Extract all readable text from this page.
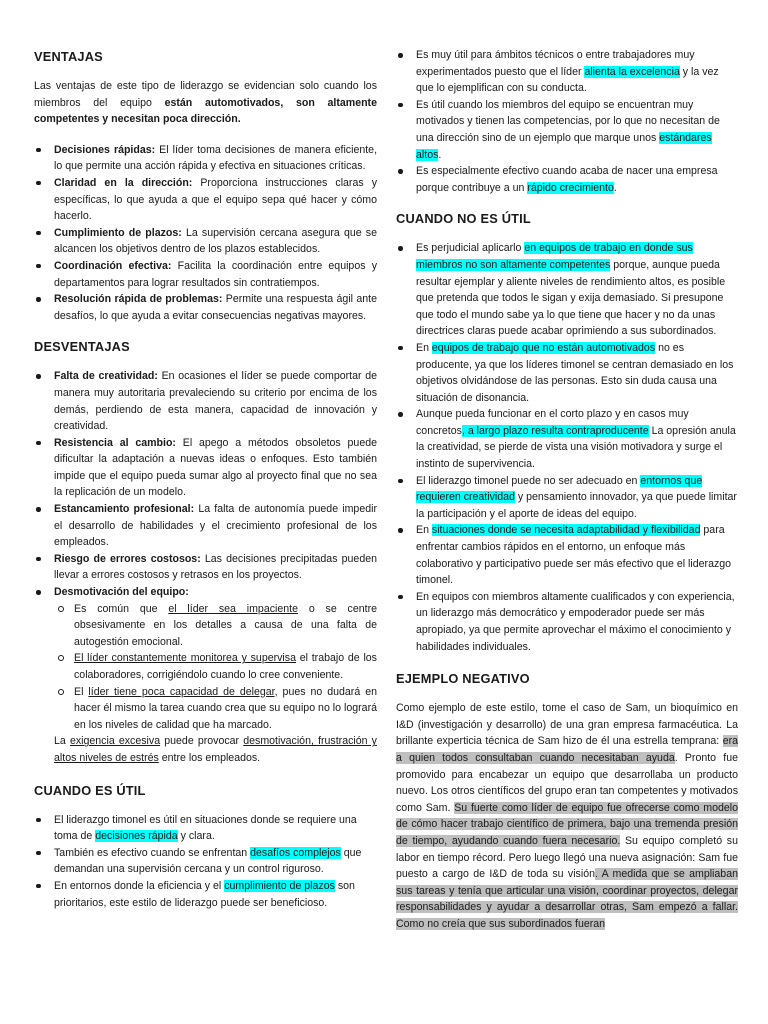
VENTAJAS

Las ventajas de este tipo de liderazgo se evidencian solo cuando los miembros del equipo están automotivados, son altamente competentes y necesitan poca dirección.

Decisiones rápidas: El líder toma decisiones de manera eficiente, lo que permite una acción rápida y efectiva en situaciones críticas.
Claridad en la dirección: Proporciona instrucciones claras y específicas, lo que ayuda a que el equipo sepa qué hacer y cómo hacerlo.
Cumplimiento de plazos: La supervisión cercana asegura que se alcancen los objetivos dentro de los plazos establecidos.
Coordinación efectiva: Facilita la coordinación entre equipos y departamentos para lograr resultados sin contratiempos.
Resolución rápida de problemas: Permite una respuesta ágil ante desafíos, lo que ayuda a evitar consecuencias negativas mayores.
DESVENTAJAS
Falta de creatividad: En ocasiones el líder se puede comportar de manera muy autoritaria prevaleciendo su criterio por encima de los demás, perdiendo de esta manera, capacidad de innovación y creatividad.
Resistencia al cambio: El apego a métodos obsoletos puede dificultar la adaptación a nuevas ideas o enfoques. Esto también impide que el equipo pueda sumar algo al proyecto final que no sea la replicación de un modelo.
Estancamiento profesional: La falta de autonomía puede impedir el desarrollo de habilidades y el crecimiento profesional de los empleados.
Riesgo de errores costosos: Las decisiones precipitadas pueden llevar a errores costosos y retrasos en los proyectos.
Desmotivación del equipo:
Es común que el líder sea impaciente o se centre obsesivamente en los detalles a causa de una falta de autogestión emocional.
El líder constantemente monitorea y supervisa el trabajo de los colaboradores, corrigiéndolo cuando lo cree conveniente.
El líder tiene poca capacidad de delegar, pues no dudará en hacer él mismo la tarea cuando crea que su equipo no lo logrará en los niveles de calidad que ha marcado.

La exigencia excesiva puede provocar desmotivación, frustración y altos niveles de estrés entre los empleados.

CUANDO ES ÚTIL
El liderazgo timonel es útil en situaciones donde se requiere una toma de decisiones rápida y clara.
También es efectivo cuando se enfrentan desafíos complejos que demandan una supervisión cercana y un control riguroso.
En entornos donde la eficiencia y el cumplimiento de plazos son prioritarios, este estilo de liderazgo puede ser beneficioso.
Es muy útil para ámbitos técnicos o entre trabajadores muy experimentados puesto que el líder alienta la excelencia y la vez que lo ejemplifican con su conducta.
Es útil cuando los miembros del equipo se encuentran muy motivados y tienen las competencias, por lo que no necesitan de una dirección sino de un ejemplo que marque unos estándares altos.
Es especialmente efectivo cuando acaba de nacer una empresa porque contribuye a un rápido crecimiento.
CUANDO NO ES ÚTIL
Es perjudicial aplicarlo en equipos de trabajo en donde sus miembros no son altamente competentes porque, aunque pueda resultar ejemplar y aliente niveles de rendimiento altos, es posible que pretenda que todos le sigan y exija demasiado. Si presupone que todo el mundo sabe ya lo que tiene que hacer y no da unas directrices claras puede acabar oprimiendo a sus subordinados.
En equipos de trabajo que no están automotivados no es producente, ya que los líderes timonel se centran demasiado en los objetivos olvidándose de las personas. Esto sin duda causa una situación de disonancia.
Aunque pueda funcionar en el corto plazo y en casos muy concretos, a largo plazo resulta contraproducente La opresión anula la creatividad, se pierde de vista una visión motivadora y surge el instinto de supervivencia.
El liderazgo timonel puede no ser adecuado en entornos que requieren creatividad y pensamiento innovador, ya que puede limitar la participación y el aporte de ideas del equipo.
En situaciones donde se necesita adaptabilidad y flexibilidad para enfrentar cambios rápidos en el entorno, un enfoque más colaborativo y participativo puede ser más efectivo que el liderazgo timonel.
En equipos con miembros altamente cualificados y con experiencia, un liderazgo más democrático y empoderador puede ser más apropiado, ya que permite aprovechar el máximo el conocimiento y habilidades individuales.
EJEMPLO NEGATIVO

Como ejemplo de este estilo, tome el caso de Sam, un bioquímico en I&D (investigación y desarrollo) de una gran empresa farmacéutica. La brillante experticia técnica de Sam hizo de él una estrella temprana: era a quien todos consultaban cuando necesitaban ayuda. Pronto fue promovido para encabezar un equipo que desarrollaba un producto nuevo. Los otros científicos del grupo eran tan competentes y motivados como Sam. Su fuerte como líder de equipo fue ofrecerse como modelo de cómo hacer trabajo científico de primera, bajo una tremenda presión de tiempo, ayudando cuando fuera necesario. Su equipo completó su labor en tiempo récord. Pero luego llegó una nueva asignación: Sam fue puesto a cargo de I&D de toda su visión. A medida que se ampliaban sus tareas y tenía que articular una visión, coordinar proyectos, delegar responsabilidades y ayudar a desarrollar otras, Sam empezó a fallar. Como no creía que sus subordinados fueran
